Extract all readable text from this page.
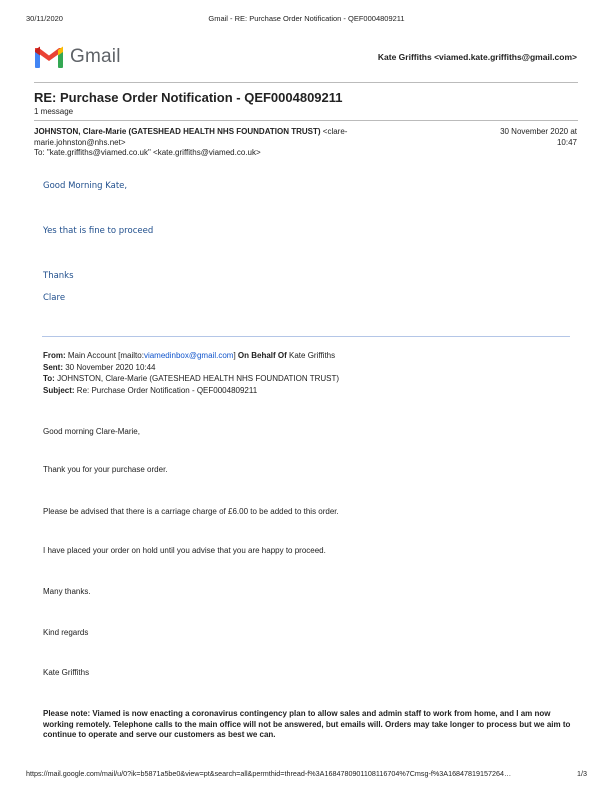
30/11/2020	Gmail - RE: Purchase Order Notification - QEF0004809211
Gmail	Kate Griffiths <viamed.kate.griffiths@gmail.com>
RE: Purchase Order Notification - QEF0004809211
1 message
JOHNSTON, Clare-Marie (GATESHEAD HEALTH NHS FOUNDATION TRUST) <clare-marie.johnston@nhs.net>
To: "kate.griffiths@viamed.co.uk" <kate.griffiths@viamed.co.uk>
30 November 2020 at
10:47
Good Morning Kate,
Yes that is fine to proceed
Thanks
Clare
From: Main Account [mailto:viamedinbox@gmail.com] On Behalf Of Kate Griffiths
Sent: 30 November 2020 10:44
To: JOHNSTON, Clare-Marie (GATESHEAD HEALTH NHS FOUNDATION TRUST)
Subject: Re: Purchase Order Notification - QEF0004809211
Good morning Clare-Marie,
Thank you for your purchase order.
Please be advised that there is a carriage charge of £6.00 to be added to this order.
I have placed your order on hold until you advise that you are happy to proceed.
Many thanks.
Kind regards
Kate Griffiths
Please note: Viamed is now enacting a coronavirus contingency plan to allow sales and admin staff to work from home, and I am now working remotely. Telephone calls to the main office will not be answered, but emails will. Orders may take longer to process but we aim to continue to operate and serve our customers as best we can.
https://mail.google.com/mail/u/0?ik=b5871a5be0&view=pt&search=all&permthid=thread-f%3A1684780901108116704%7Cmsg-f%3A16847819157264…	1/3
